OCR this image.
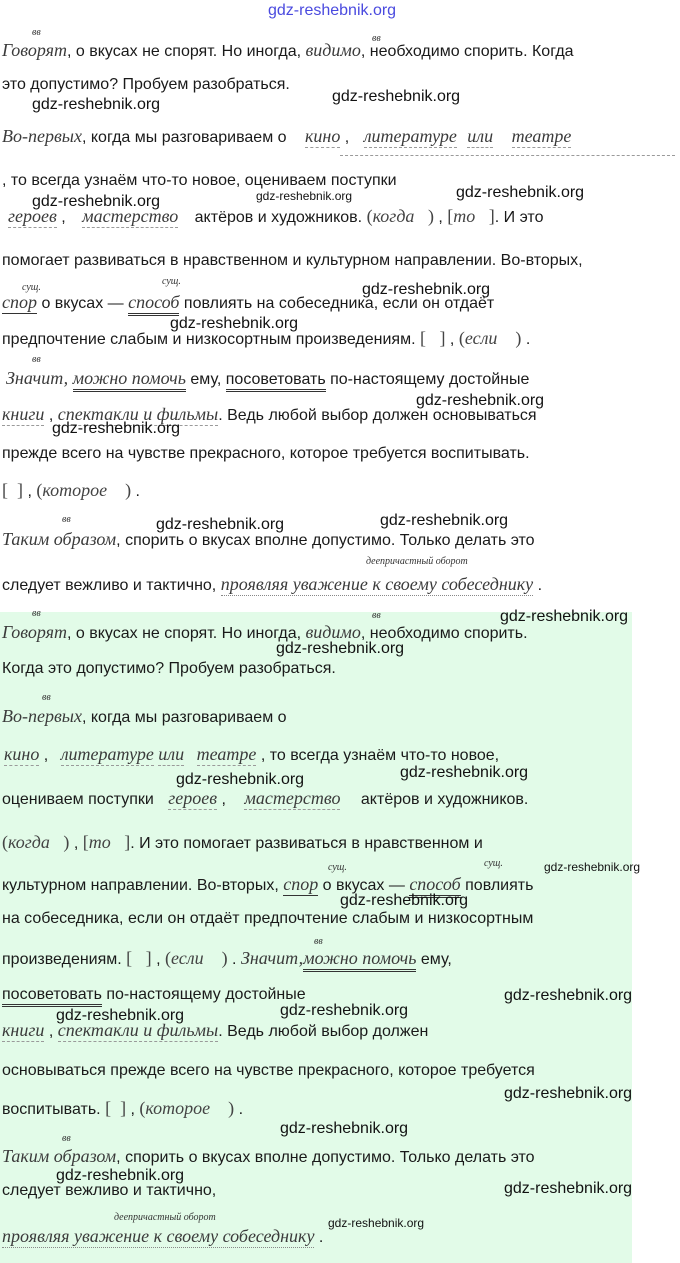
gdz-reshebnik.org
вв
вв
Говорят, о вкусах не спорят. Но иногда, видимо, необходимо спорить. Когда
это допустимо? Пробуем разобраться.
gdz-reshebnik.org
gdz-reshebnik.org
Во-первых, когда мы разговариваем о кино , литературе или театре
, то всегда узнаём что-то новое, оцениваем поступки
gdz-reshebnik.org
gdz-reshebnik.org
gdz-reshebnik.org
героев , мастерство актёров и художников. (когда   ) , [то   ]. И это
помогает развиваться в нравственном и культурном направлении. Во-вторых,
gdz-reshebnik.org
сущ.
сущ.
спор о вкусах — способ повлиять на собеседника, если он отдаёт
gdz-reshebnik.org
предпочтение слабым и низкосортным произведениям. [   ] , (если    ) .
вв
Значит, можно помочь ему, посоветовать по-настоящему достойные
gdz-reshebnik.org
книги , спектакли и фильмы. Ведь любой выбор должен основываться
gdz-reshebnik.org
прежде всего на чувстве прекрасного, которое требуется воспитывать.
[  ] , (которое    ) .
gdz-reshebnik.org
вв	gdz-reshebnik.org
Таким образом, спорить о вкусах вполне допустимо. Только делать это
деепричастный оборот
следует вежливо и тактично, проявляя уважение к своему собеседнику .
gdz-reshebnik.org
вв	вв
Говорят, о вкусах не спорят. Но иногда, видимо, необходимо спорить.
gdz-reshebnik.org
Когда это допустимо? Пробуем разобраться.
вв
Во-первых, когда мы разговариваем о
кино , литературе или театре , то всегда узнаём что-то новое,
gdz-reshebnik.org
gdz-reshebnik.org
оцениваем поступки героев , мастерство актёров и художников.
(когда   ) , [то   ]. И это помогает развиваться в нравственном и
gdz-reshebnik.org
сущ.	сущ.
культурном направлении. Во-вторых, спор о вкусах — способ повлиять
gdz-reshebnik.org
на собеседника, если он отдаёт предпочтение слабым и низкосортным
вв
произведениям. [   ] , (если    ) . Значит,можно помочь ему,
gdz-reshebnik.org
посоветовать по-настоящему достойные
gdz-reshebnik.org
gdz-reshebnik.org
книги , спектакли и фильмы. Ведь любой выбор должен
основываться прежде всего на чувстве прекрасного, которое требуется
gdz-reshebnik.org
воспитывать. [  ] , (которое    ) .
gdz-reshebnik.org
вв
Таким образом, спорить о вкусах вполне допустимо. Только делать это
gdz-reshebnik.org
gdz-reshebnik.org
следует вежливо и тактично,
деепричастный оборот	gdz-reshebnik.org
проявляя уважение к своему собеседнику .
